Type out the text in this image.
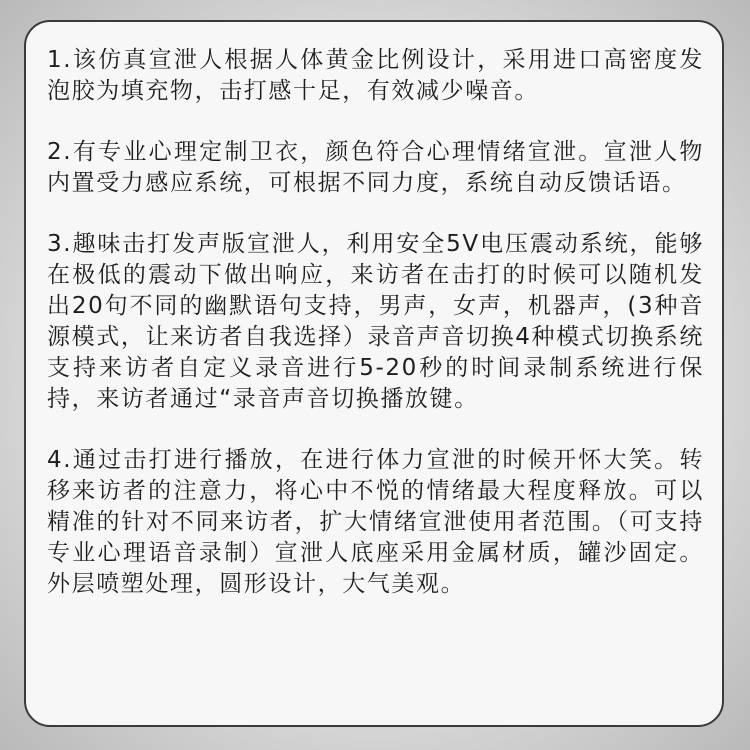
1.该仿真宣泄人根据人体黄金比例设计，采用进口高密度发泡胶为填充物，击打感十足，有效减少噪音。

2.有专业心理定制卫衣，颜色符合心理情绪宣泄。宣泄人物内置受力感应系统，可根据不同力度，系统自动反馈话语。

3.趣味击打发声版宣泄人，利用安全5V电压震动系统，能够在极低的震动下做出响应，来访者在击打的时候可以随机发出20句不同的幽默语句支持，男声，女声，机器声，(3种音源模式，让来访者自我选择）录音声音切换4种模式切换系统支持来访者自定义录音进行5-20秒的时间录制系统进行保持，来访者通过“录音声音切换播放键。

4.通过击打进行播放，在进行体力宣泄的时候开怀大笑。转移来访者的注意力，将心中不悦的情绪最大程度释放。可以精准的针对不同来访者，扩大情绪宣泄使用者范围。（可支持专业心理语音录制）宣泄人底座采用金属材质，罐沙固定。外层喷塑处理，圆形设计，大气美观。
